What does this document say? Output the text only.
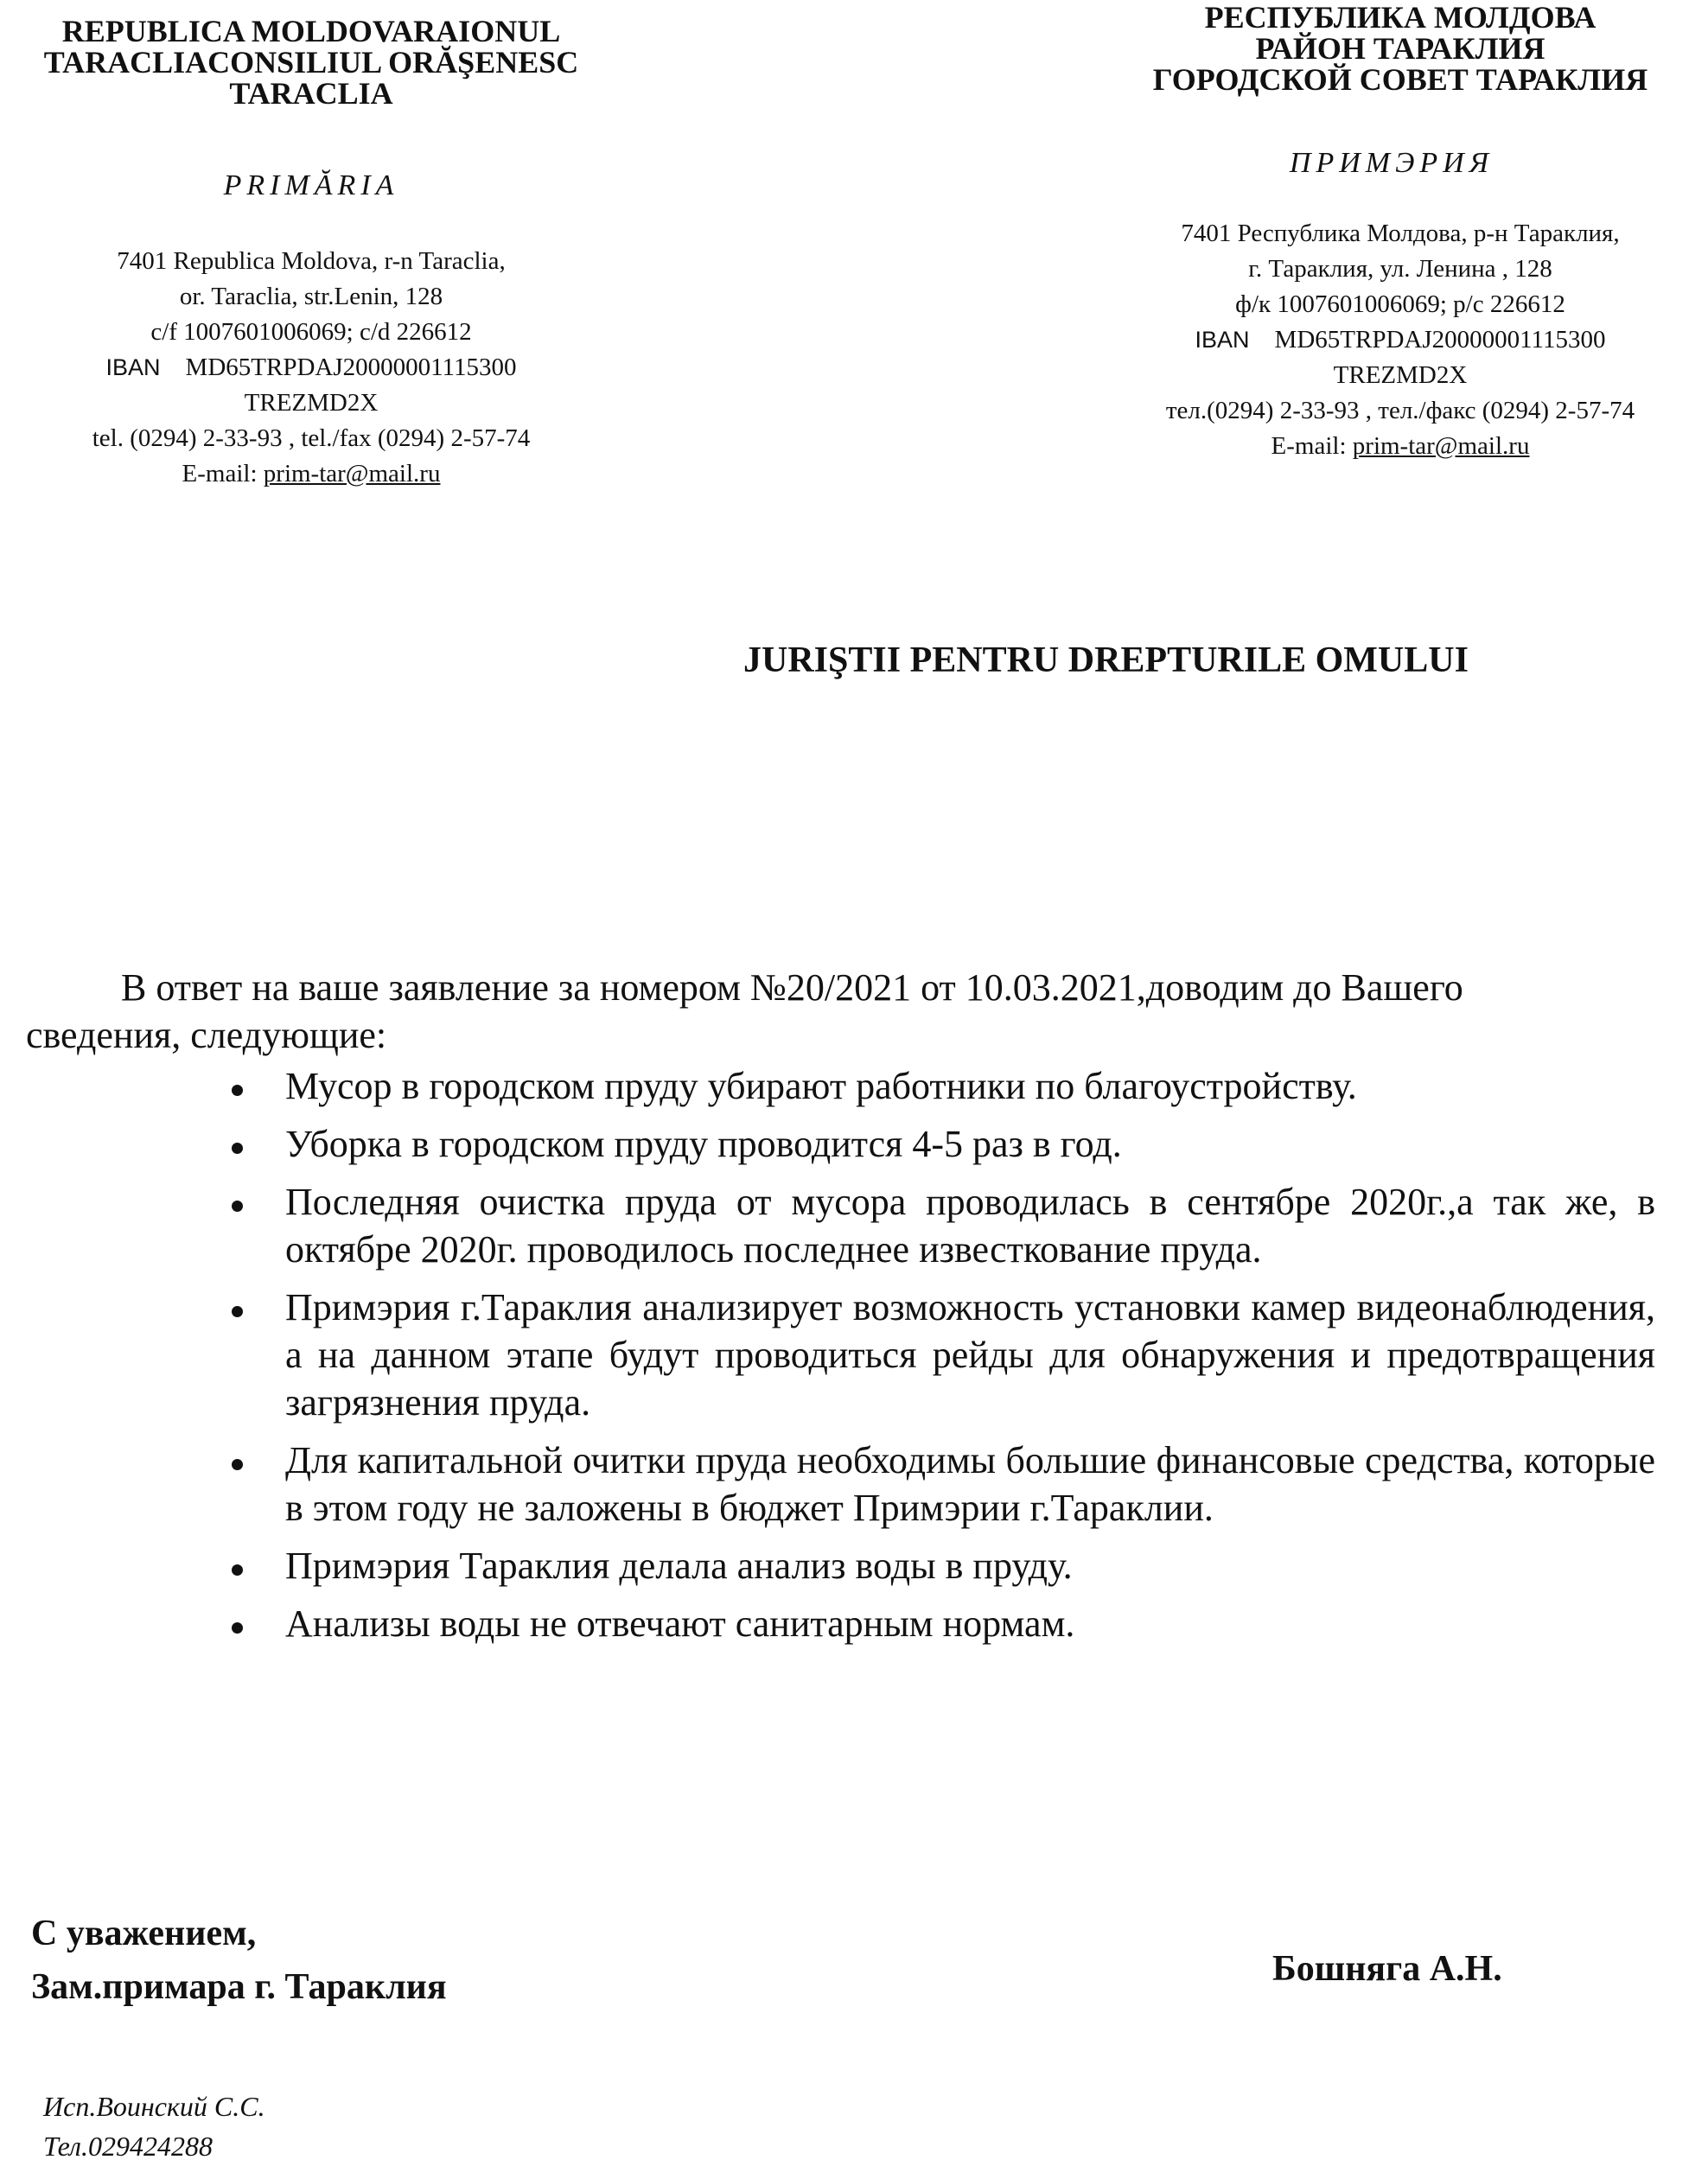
REPUBLICA MOLDOVARAIONUL
TARACLIACONSILIUL ORĂŞENESC
TARACLIA
PRIMĂRIA
7401 Republica Moldova, r-n Taraclia,
or. Taraclia, str.Lenin, 128
c/f 1007601006069; c/d 226612
IBAN MD65TRPDAJ20000001115300
TREZMD2X
tel. (0294) 2-33-93 , tel./fax (0294) 2-57-74
E-mail: prim-tar@mail.ru
РЕСПУБЛИКА МОЛДОВА
РАЙОН ТАРАКЛИЯ
ГОРОДСКОЙ СОВЕТ ТАРАКЛИЯ
ПРИМЭРИЯ
7401 Республика Молдова, р-н Тараклия,
г. Тараклия, ул. Ленина , 128
ф/к 1007601006069; р/с 226612
IBAN MD65TRPDAJ20000001115300
TREZMD2X
тел.(0294) 2-33-93 , тел./факс (0294) 2-57-74
E-mail: prim-tar@mail.ru
JURIŞTII PENTRU DREPTURILE OMULUI

В ответ на ваше заявление за номером №20/2021 от 10.03.2021,доводим до Вашего сведения, следующие:

Мусор в городском пруду убирают работники по благоустройству.
Уборка в городском пруду проводится 4-5 раз в год.
Последняя очистка пруда от мусора проводилась в сентябре 2020г.,а так же, в октябре 2020г. проводилось последнее известкование пруда.
Примэрия г.Тараклия анализирует возможность установки камер видеонаблюдения, а на данном этапе будут проводиться рейды для обнаружения и предотвращения загрязнения пруда.
Для капитальной очитки пруда необходимы большие финансовые средства, которые в этом году не заложены в бюджет Примэрии г.Тараклии.
Примэрия Тараклия делала анализ воды в пруду.
Анализы воды не отвечают санитарным нормам.
С уважением,
Зам.примара г. Тараклия	Бошняга А.Н.
Исп.Воинский С.С.
Тел.029424288
